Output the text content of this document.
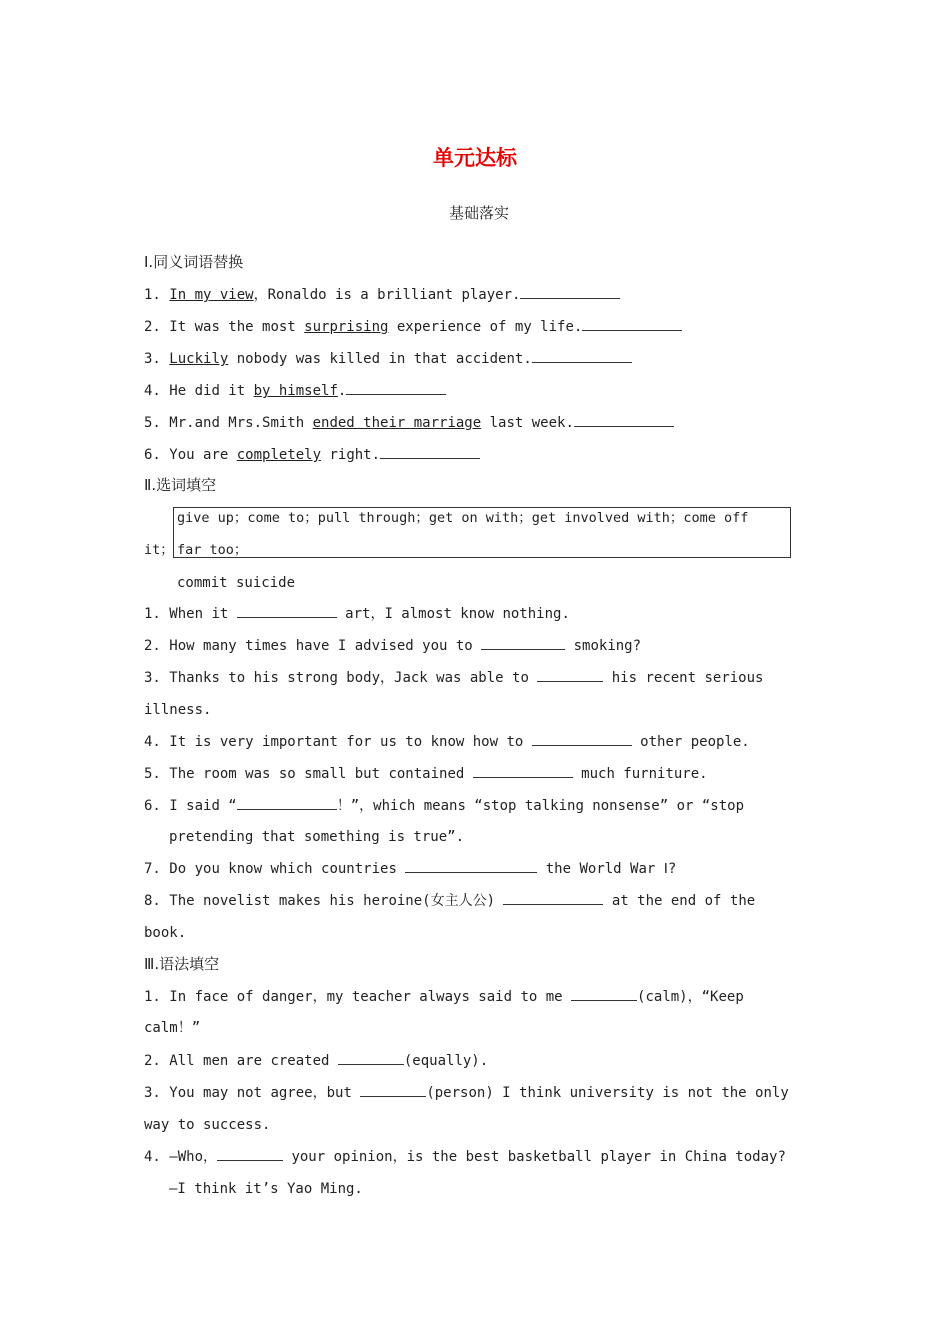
单元达标
基础落实
Ⅰ.同义词语替换
1. In my view，Ronaldo is a brilliant player.
2. It was the most surprising experience of my life.
3. Luckily nobody was killed in that accident.
4. He did it by himself.
5. Mr.and Mrs.Smith ended their marriage last week.
6. You are completely right.
Ⅱ.选词填空
give up；come to；pull through；get on with；get involved with；come off
it； far too；
commit suicide
1. When it	art，I almost know nothing.
2. How many times have I advised you to	smoking?
3. Thanks to his strong body，Jack was able to	his recent serious
illness.
4. It is very important for us to know how to	other people.
5. The room was so small but contained	much furniture.
6. I said “	！”，which means “stop talking nonsense” or “stop
pretending that something is true”.
7. Do you know which countries	the World War Ⅰ?
8. The novelist makes his heroine(女主人公)	at the end of the
book.
Ⅲ.语法填空
1. In face of danger，my teacher always said to me	(calm)，“Keep
calm！”
2. All men are created	(equally).
3. You may not agree，but	(person) I think university is not the only
way to success.
4. —Who，	your opinion，is the best basketball player in China today?
—I think it’s Yao Ming.
